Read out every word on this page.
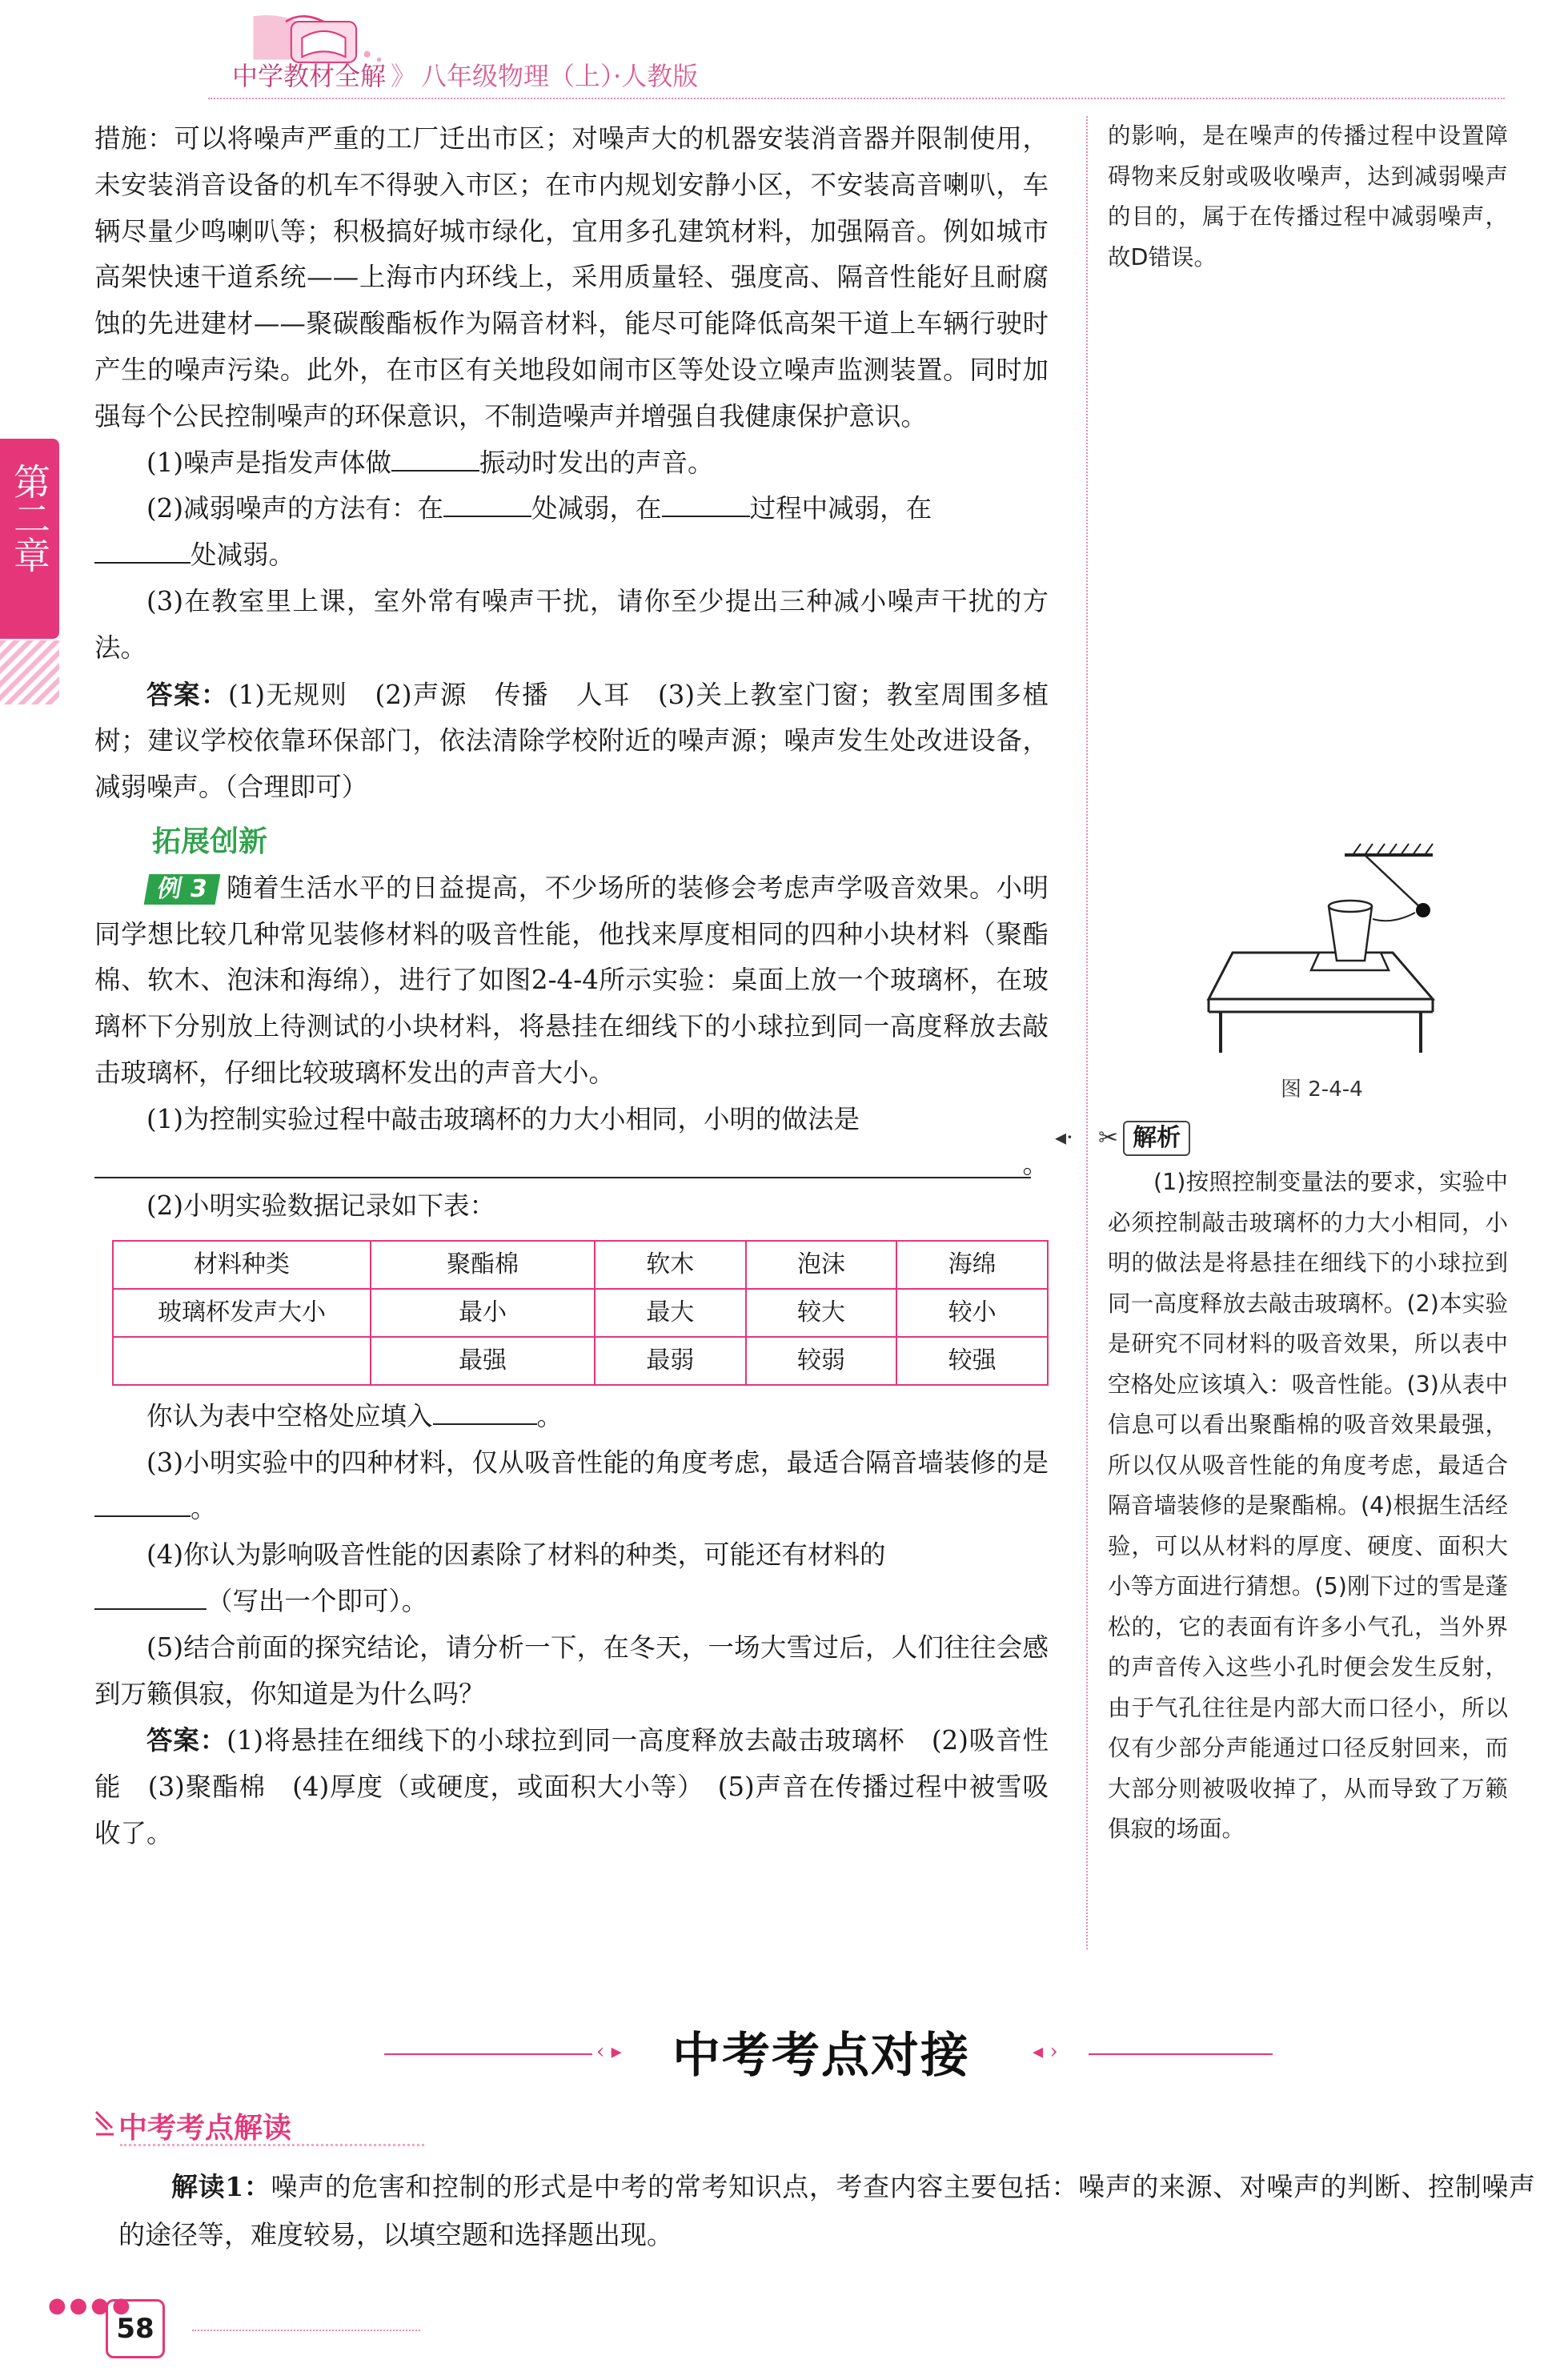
中学教材全解 》 八年级物理（上）·人教版
第二章

措施：可以将噪声严重的工厂迁出市区；对噪声大的机器安装消音器并限制使用，未安装消音设备的机车不得驶入市区；在市内规划安静小区，不安装高音喇叭，车辆尽量少鸣喇叭等；积极搞好城市绿化，宜用多孔建筑材料，加强隔音。例如城市高架快速干道系统——上海市内环线上，采用质量轻、强度高、隔音性能好且耐腐蚀的先进建材——聚碳酸酯板作为隔音材料，能尽可能降低高架干道上车辆行驶时产生的噪声污染。此外，在市区有关地段如闹市区等处设立噪声监测装置。同时加强每个公民控制噪声的环保意识，不制造噪声并增强自我健康保护意识。

(1)噪声是指发声体做	振动时发出的声音。

(2)减弱噪声的方法有：在	处减弱，在	过程中减弱，在
处减弱。

(3)在教室里上课，室外常有噪声干扰，请你至少提出三种减小噪声干扰的方法。

答案：(1)无规则　(2)声源　传播　人耳　(3)关上教室门窗；教室周围多植树；建议学校依靠环保部门，依法清除学校附近的噪声源；噪声发生处改进设备，减弱噪声。（合理即可）

拓展创新

例 3 随着生活水平的日益提高，不少场所的装修会考虑声学吸音效果。小明同学想比较几种常见装修材料的吸音性能，他找来厚度相同的四种小块材料（聚酯棉、软木、泡沫和海绵），进行了如图2-4-4所示实验：桌面上放一个玻璃杯，在玻璃杯下分别放上待测试的小块材料，将悬挂在细线下的小球拉到同一高度释放去敲击玻璃杯，仔细比较玻璃杯发出的声音大小。

(1)为控制实验过程中敲击玻璃杯的力大小相同，小明的做法是

。

(2)小明实验数据记录如下表：

材料种类	聚酯棉	软木	泡沫	海绵
玻璃杯发声大小	最小	最大	较大	较小
	最强	最弱	较弱	较强

你认为表中空格处应填入	。

(3)小明实验中的四种材料，仅从吸音性能的角度考虑，最适合隔音墙装修的是。

(4)你认为影响吸音性能的因素除了材料的种类，可能还有材料的
（写出一个即可）。

(5)结合前面的探究结论，请分析一下，在冬天，一场大雪过后，人们往往会感到万籁俱寂，你知道是为什么吗？

答案：(1)将悬挂在细线下的小球拉到同一高度释放去敲击玻璃杯　(2)吸音性能　(3)聚酯棉　(4)厚度（或硬度，或面积大小等）　(5)声音在传播过程中被雪吸收了。

的影响，是在噪声的传播过程中设置障碍物来反射或吸收噪声，达到减弱噪声的目的，属于在传播过程中减弱噪声，故D错误。

图 2-4-4
◂· ✂ 解析

(1)按照控制变量法的要求，实验中必须控制敲击玻璃杯的力大小相同，小明的做法是将悬挂在细线下的小球拉到同一高度释放去敲击玻璃杯。(2)本实验是研究不同材料的吸音效果，所以表中空格处应该填入：吸音性能。(3)从表中信息可以看出聚酯棉的吸音效果最强，所以仅从吸音性能的角度考虑，最适合隔音墙装修的是聚酯棉。(4)根据生活经验，可以从材料的厚度、硬度、面积大小等方面进行猜想。(5)刚下过的雪是蓬松的，它的表面有许多小气孔，当外界的声音传入这些小孔时便会发生反射，由于气孔往往是内部大而口径小，所以仅有少部分声能通过口径反射回来，而大部分则被吸收掉了，从而导致了万籁俱寂的场面。

‹ ▸ 中考考点对接	◂ ›
中考考点解读

解读1：噪声的危害和控制的形式是中考的常考知识点，考查内容主要包括：噪声的来源、对噪声的判断、控制噪声的途径等，难度较易，以填空题和选择题出现。

●●●●
58
